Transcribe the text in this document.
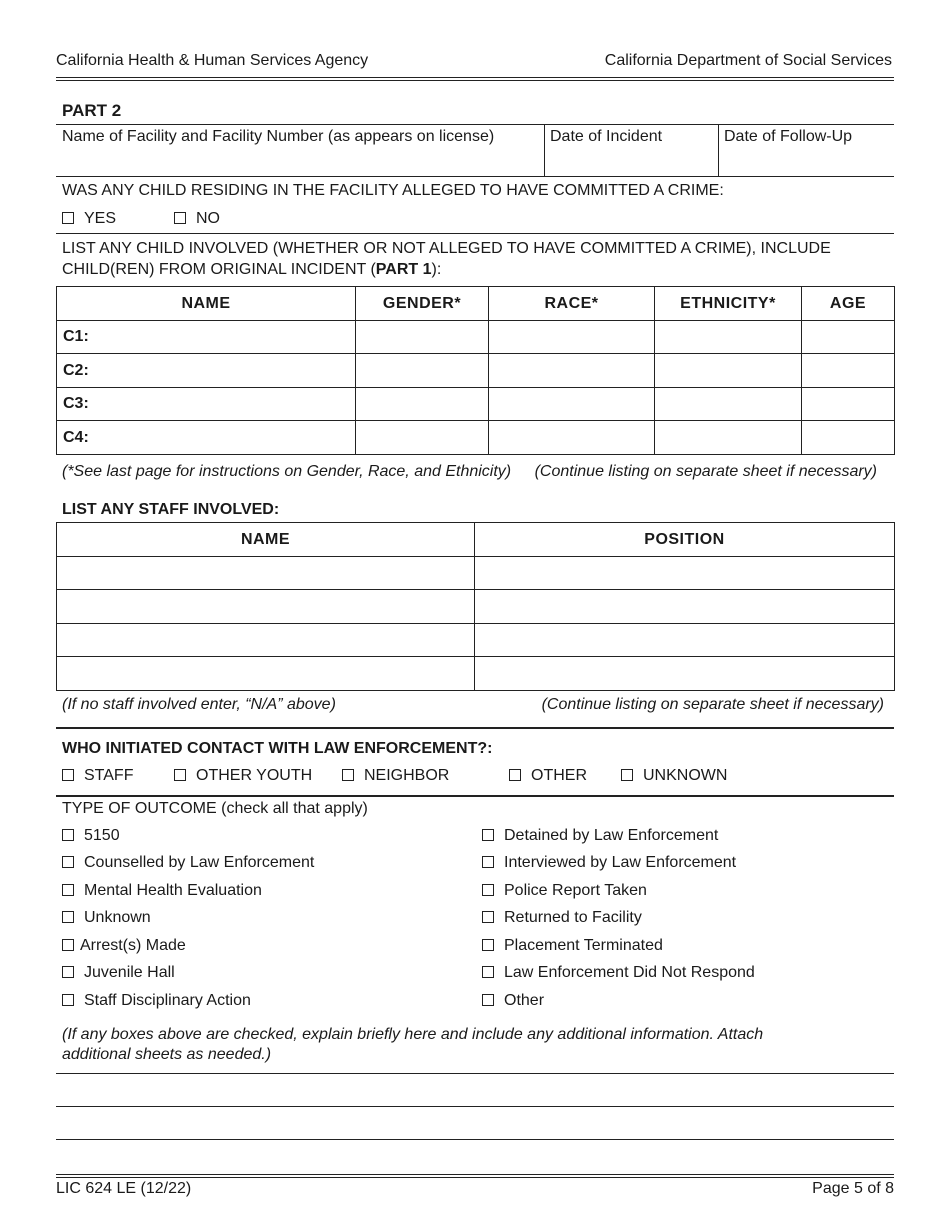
California Health & Human Services Agency	California Department of Social Services
PART 2
Name of Facility and Facility Number (as appears on license)	Date of Incident	Date of Follow-Up
WAS ANY CHILD RESIDING IN THE FACILITY ALLEGED TO HAVE COMMITTED A CRIME:
YES	NO
LIST ANY CHILD INVOLVED (WHETHER OR NOT ALLEGED TO HAVE COMMITTED A CRIME), INCLUDE
CHILD(REN) FROM ORIGINAL INCIDENT (PART 1):
NAME	GENDER*	RACE*	ETHNICITY*	AGE
C1:				
C2:				
C3:				
C4:				
(*See last page for instructions on Gender, Race, and Ethnicity) (Continue listing on separate sheet if necessary)
LIST ANY STAFF INVOLVED:
NAME	POSITION

(If no staff involved enter, “N/A” above)	(Continue listing on separate sheet if necessary)
WHO INITIATED CONTACT WITH LAW ENFORCEMENT?:
STAFF	OTHER YOUTH	NEIGHBOR	OTHER	UNKNOWN
TYPE OF OUTCOME (check all that apply)
5150
Counselled by Law Enforcement
Mental Health Evaluation
Unknown
Arrest(s) Made
Juvenile Hall
Staff Disciplinary Action
Detained by Law Enforcement
Interviewed by Law Enforcement
Police Report Taken
Returned to Facility
Placement Terminated
Law Enforcement Did Not Respond
Other
(If any boxes above are checked, explain briefly here and include any additional information. Attach
additional sheets as needed.)
LIC 624 LE (12/22)	Page 5 of 8
